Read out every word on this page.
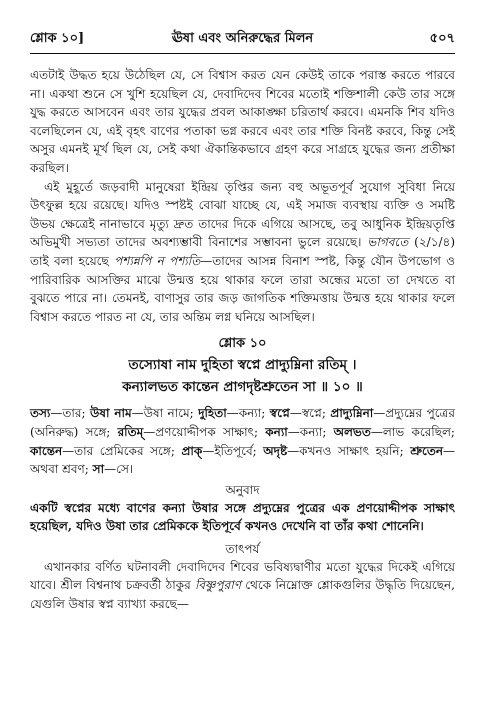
শ্লোক ১০]	ঊষা এবং অনিরুদ্ধের মিলন	৫০৭

এতটাই উদ্ধত হয়ে উঠেছিল যে, সে বিশ্বাস করত যেন কেউই তাকে পরাস্ত করতে পারবে না। একথা শুনে সে খুশি হয়েছিল যে, দেবাদিদেব শিবের মতোই শক্তিশালী কেউ তার সঙ্গে যুদ্ধ করতে আসবেন এবং তার যুদ্ধের প্রবল আকাঙ্ক্ষা চরিতার্থ করবে। এমনকি শিব যদিও বলেছিলেন যে, এই বৃহৎ বাণের পতাকা ভগ্ন করবে এবং তার শক্তি বিনষ্ট করবে, কিন্তু সেই অসুর এমনই মূর্খ ছিল যে, সেই কথা ঐকান্তিকভাবে গ্রহণ করে সাগ্রহে যুদ্ধের জন্য প্রতীক্ষা করছিল।

এই মুহূর্তে জড়বাদী মানুষেরা ইন্দ্রিয় তৃপ্তির জন্য বহু অভূতপূর্ব সুযোগ সুবিধা নিয়ে উৎফুল্ল হয়ে রয়েছে। যদিও স্পষ্টই বোঝা যাচ্ছে যে, এই সমাজ ব্যবস্থায় ব্যক্তি ও সমষ্টি উভয় ক্ষেত্রেই নানাভাবে মৃত্যু দ্রুত তাদের দিকে এগিয়ে আসছে, তবু আধুনিক ইন্দ্রিয়তৃপ্তি অভিমুখী সভ্যতা তাদের অবশ্যম্ভাবী বিনাশের সম্ভাবনা ভুলে রয়েছে। ভাগবতে (২/১/৪) তাই বলা হয়েছে পশ্যন্নপি ন পশ্যতি—তাদের আসন্ন বিনাশ স্পষ্ট, কিন্তু যৌন উপভোগ ও পারিবারিক আসক্তির মাঝে উন্মত্ত হয়ে থাকার ফলে তারা অন্ধের মতো তা দেখতে বা বুঝতে পারে না। তেমনই, বাণাসুর তার জড় জাগতিক শক্তিমত্তায় উন্মত্ত হয়ে থাকার ফলে বিশ্বাস করতে পারত না যে, তার অন্তিম লগ্ন ঘনিয়ে আসছিল।

শ্লোক ১০
তস্যোষা নাম দুহিতা স্বপ্নে প্রাদ্যুম্নিনা রতিম্ ।
কন্যালভত কান্তেন প্রাগদৃষ্টশ্রুতেন সা ॥ ১০ ॥

তস্য—তার; উষা নাম—উষা নামে; দুহিতা—কন্যা; স্বপ্নে—স্বপ্নে; প্রাদ্যুম্নিনা—প্রদ্যুম্নের পুত্রের (অনিরুদ্ধ) সঙ্গে; রতিম্—প্রণয়োদ্দীপক সাক্ষাৎ; কন্যা—কন্যা; অলভত—লাভ করেছিল; কান্তেন—তার প্রেমিকের সঙ্গে; প্রাক্—ইতিপূর্বে; অদৃষ্ট—কখনও সাক্ষাৎ হয়নি; শ্রুতেন—অথবা শ্রবণ; সা—সে।

অনুবাদ

একটি স্বপ্নের মধ্যে বাণের কন্যা উষার সঙ্গে প্রদ্যুম্নের পুত্রের এক প্রণয়োদ্দীপক সাক্ষাৎ হয়েছিল, যদিও উষা তার প্রেমিককে ইতিপূর্বে কখনও দেখেনি বা তাঁর কথা শোনেনি।

তাৎপর্য

এখানকার বর্ণিত ঘটনাবলী দেবাদিদেব শিবের ভবিষ্যদ্বাণীর মতো যুদ্ধের দিকেই এগিয়ে যাবে। শ্রীল বিশ্বনাথ চক্রবর্তী ঠাকুর বিষ্ণুপুরাণ থেকে নিম্নোক্ত শ্লোকগুলির উদ্ধৃতি দিয়েছেন, যেগুলি উষার স্বপ্ন ব্যাখ্যা করছে—
